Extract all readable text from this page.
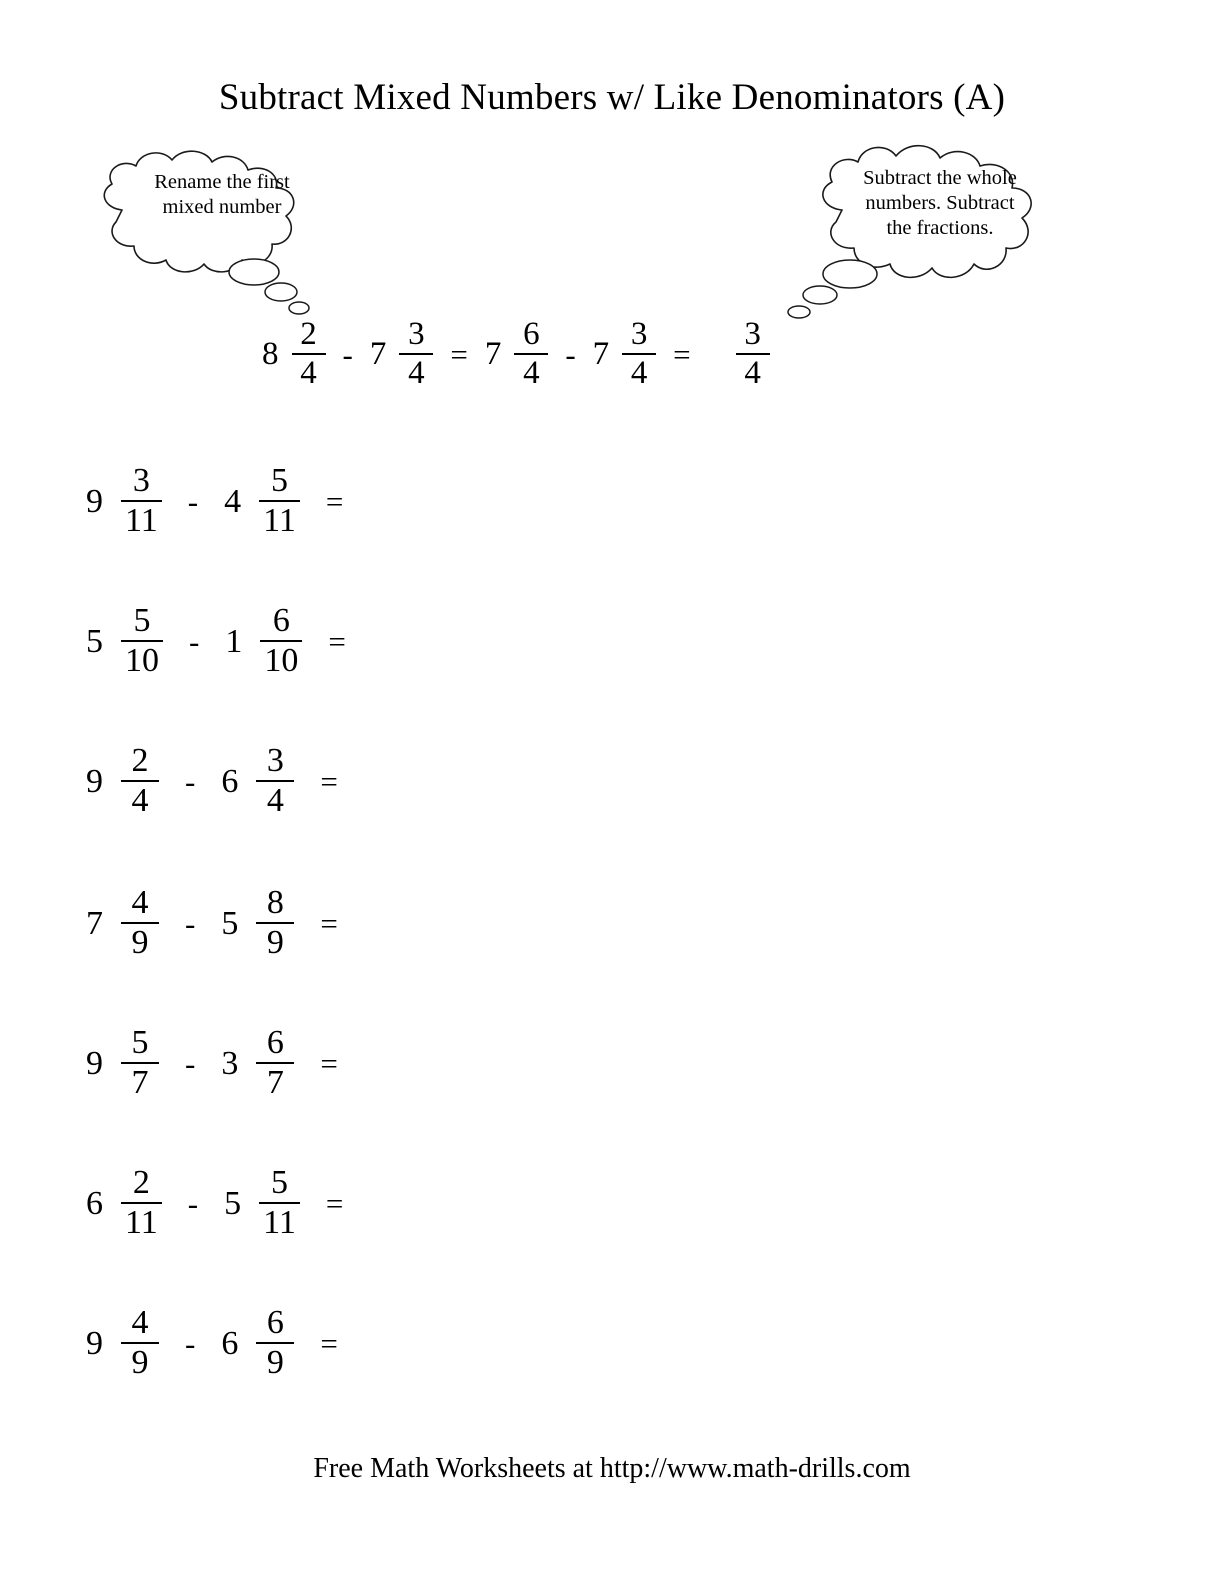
Subtract Mixed Numbers w/ Like Denominators (A)
Rename the first
mixed number
Subtract the whole
numbers. Subtract
the fractions.
$8 \frac{2}{4} - 7 \frac{3}{4} = 7 \frac{6}{4} - 7 \frac{3}{4} = \frac{3}{4}$
$9 \frac{3}{11} - 4 \frac{5}{11}$ =
$5 \frac{5}{10} - 1 \frac{6}{10}$ =
$9 \frac{2}{4} - 6 \frac{3}{4}$ =
$7 \frac{4}{9} - 5 \frac{8}{9}$ =
$9 \frac{5}{7} - 3 \frac{6}{7}$ =
$6 \frac{2}{11} - 5 \frac{5}{11}$ =
$9 \frac{4}{9} - 6 \frac{6}{9}$ =
Free Math Worksheets at http://www.math-drills.com
